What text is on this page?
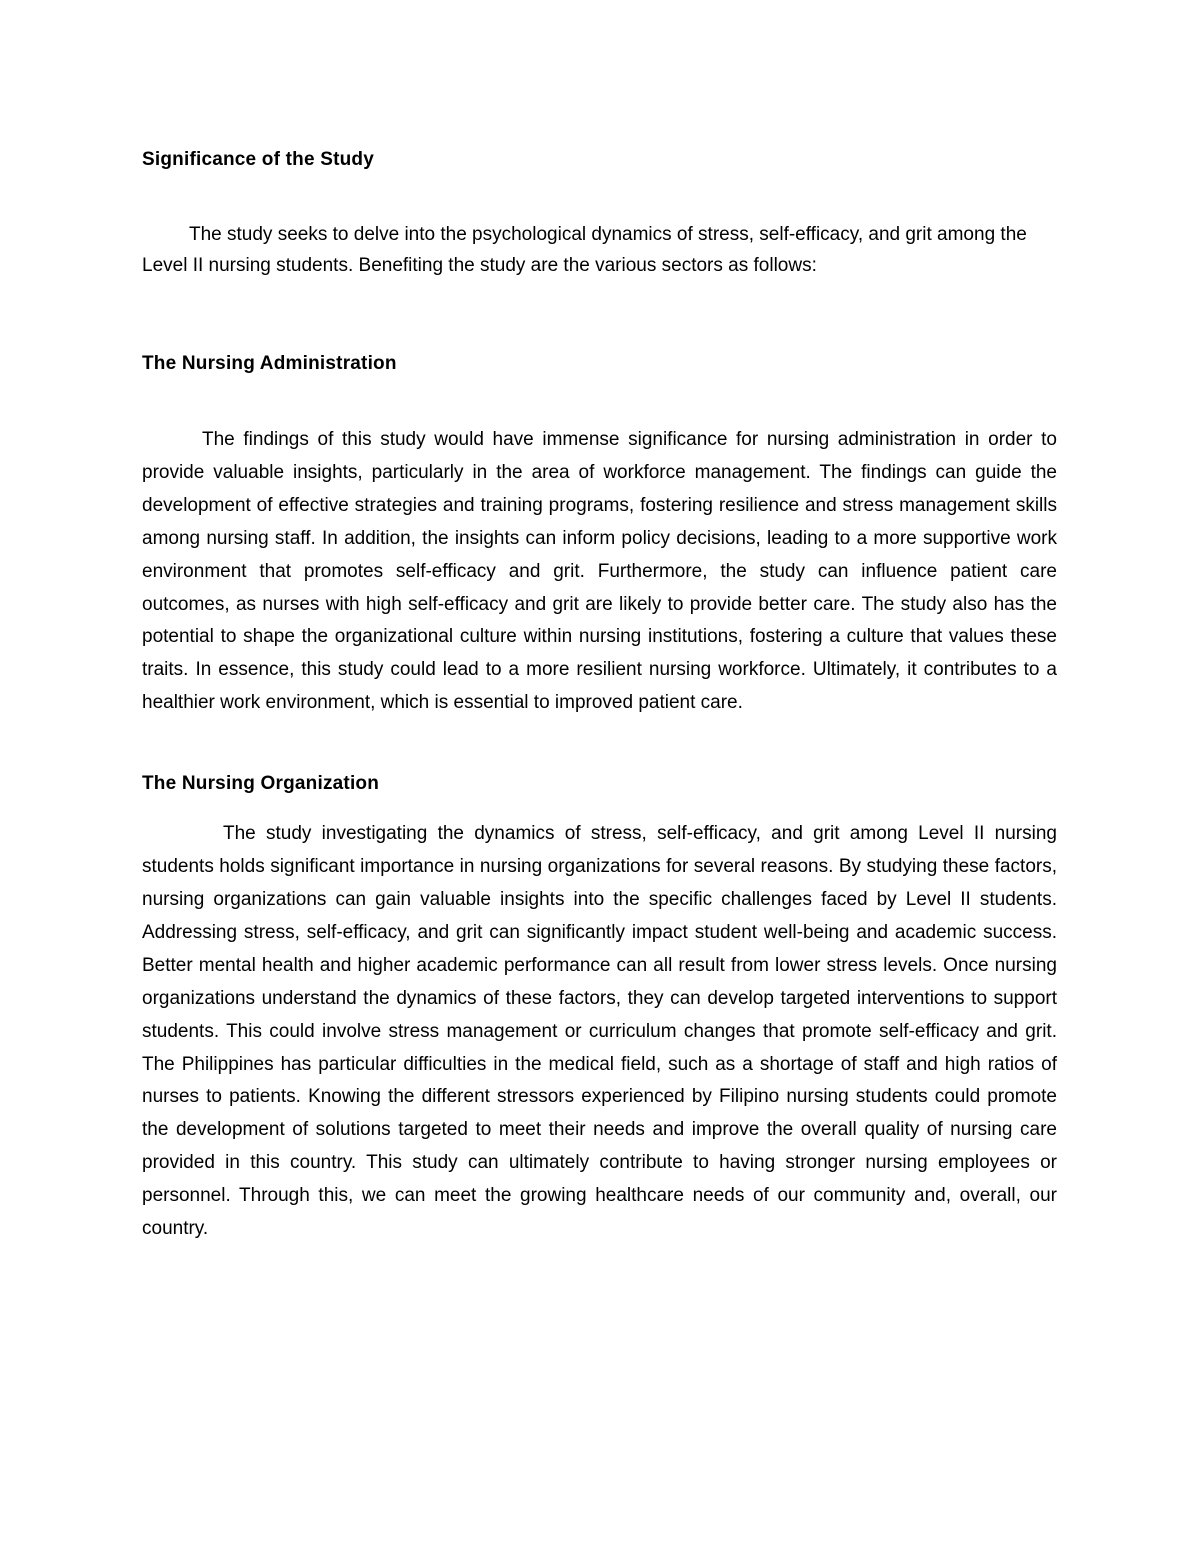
Significance of the Study

The study seeks to delve into the psychological dynamics of stress, self-efficacy, and grit among the Level II nursing students. Benefiting the study are the various sectors as follows:

The Nursing Administration

The findings of this study would have immense significance for nursing administration in order to provide valuable insights, particularly in the area of workforce management. The findings can guide the development of effective strategies and training programs, fostering resilience and stress management skills among nursing staff. In addition, the insights can inform policy decisions, leading to a more supportive work environment that promotes self-efficacy and grit. Furthermore, the study can influence patient care outcomes, as nurses with high self-efficacy and grit are likely to provide better care. The study also has the potential to shape the organizational culture within nursing institutions, fostering a culture that values these traits. In essence, this study could lead to a more resilient nursing workforce. Ultimately, it contributes to a healthier work environment, which is essential to improved patient care.

The Nursing Organization

The study investigating the dynamics of stress, self-efficacy, and grit among Level II nursing students holds significant importance in nursing organizations for several reasons. By studying these factors, nursing organizations can gain valuable insights into the specific challenges faced by Level II students. Addressing stress, self-efficacy, and grit can significantly impact student well-being and academic success. Better mental health and higher academic performance can all result from lower stress levels. Once nursing organizations understand the dynamics of these factors, they can develop targeted interventions to support students. This could involve stress management or curriculum changes that promote self-efficacy and grit. The Philippines has particular difficulties in the medical field, such as a shortage of staff and high ratios of nurses to patients. Knowing the different stressors experienced by Filipino nursing students could promote the development of solutions targeted to meet their needs and improve the overall quality of nursing care provided in this country. This study can ultimately contribute to having stronger nursing employees or personnel. Through this, we can meet the growing healthcare needs of our community and, overall, our country.
